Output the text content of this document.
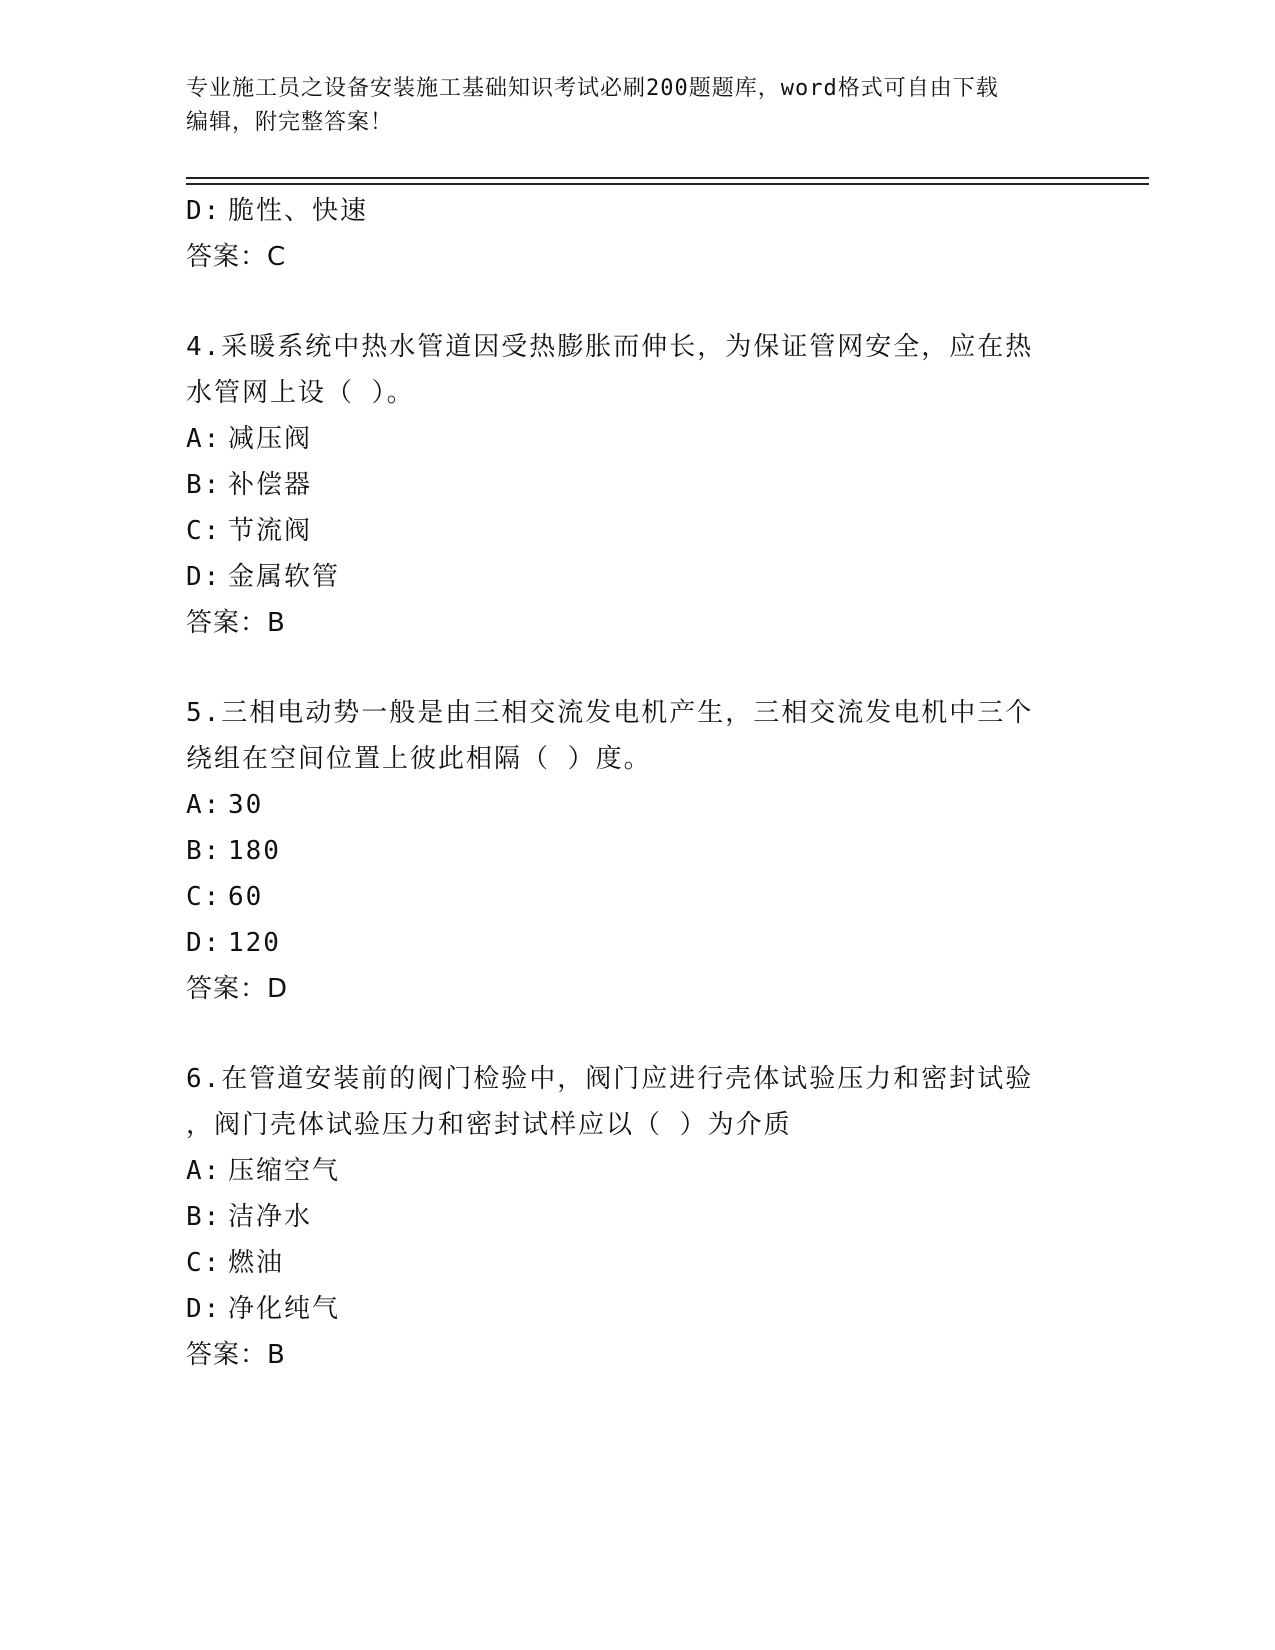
专业施工员之设备安装施工基础知识考试必刷200题题库，word格式可自由下载
编辑，附完整答案！
D: 脆性、快速
答案：C
4.采暖系统中热水管道因受热膨胀而伸长，为保证管网安全，应在热
水管网上设（ ）。
A: 减压阀
B: 补偿器
C: 节流阀
D: 金属软管
答案：B
5.三相电动势一般是由三相交流发电机产生，三相交流发电机中三个
绕组在空间位置上彼此相隔（ ）度。
A: 30
B: 180
C: 60
D: 120
答案：D
6.在管道安装前的阀门检验中，阀门应进行壳体试验压力和密封试验
，阀门壳体试验压力和密封试样应以（ ）为介质
A: 压缩空气
B: 洁净水
C: 燃油
D: 净化纯气
答案：B
